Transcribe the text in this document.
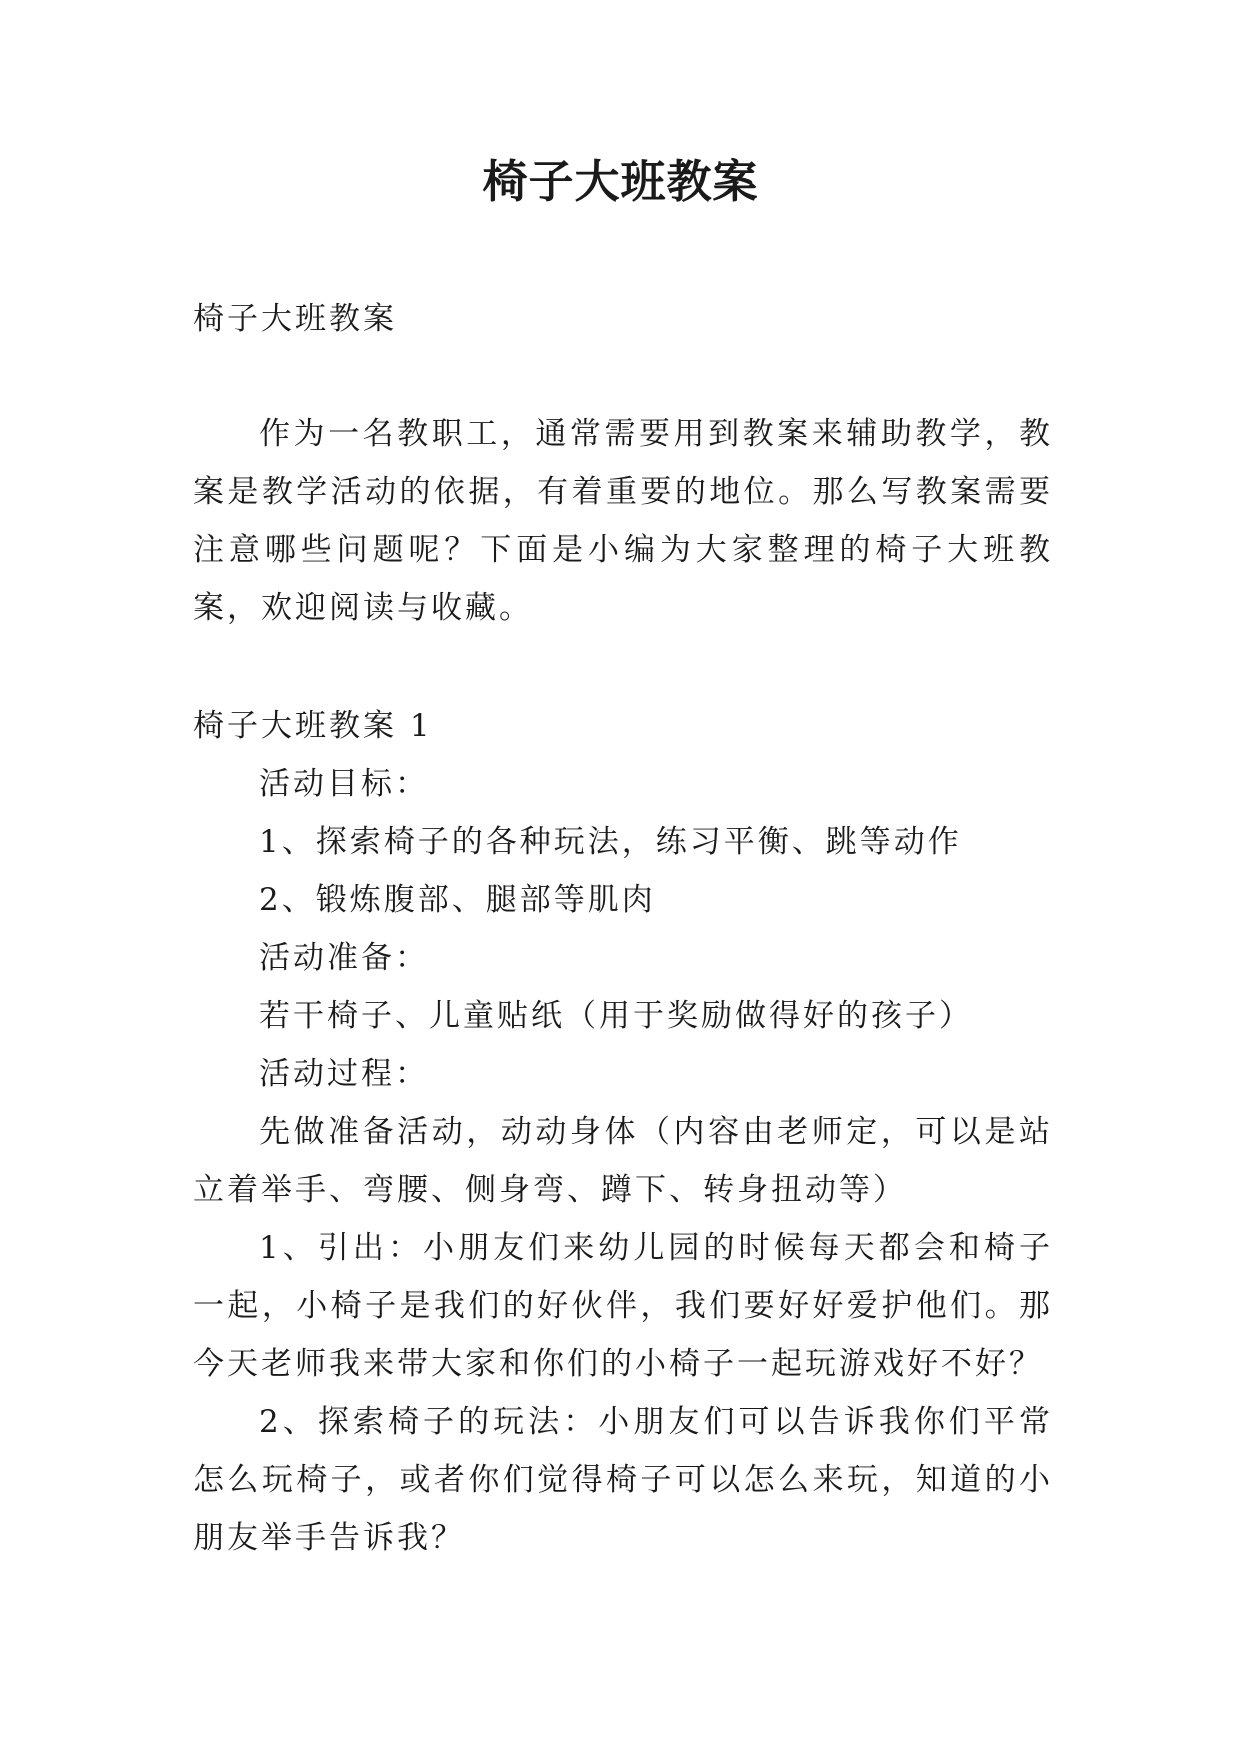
椅子大班教案

椅子大班教案

作为一名教职工，通常需要用到教案来辅助教学，教案是教学活动的依据，有着重要的地位。那么写教案需要注意哪些问题呢？下面是小编为大家整理的椅子大班教案，欢迎阅读与收藏。

椅子大班教案 1

活动目标：

1、探索椅子的各种玩法，练习平衡、跳等动作

2、锻炼腹部、腿部等肌肉

活动准备：

若干椅子、儿童贴纸（用于奖励做得好的孩子）

活动过程：

先做准备活动，动动身体（内容由老师定，可以是站立着举手、弯腰、侧身弯、蹲下、转身扭动等）

1、引出：小朋友们来幼儿园的时候每天都会和椅子一起，小椅子是我们的好伙伴，我们要好好爱护他们。那今天老师我来带大家和你们的小椅子一起玩游戏好不好？

2、探索椅子的玩法：小朋友们可以告诉我你们平常怎么玩椅子，或者你们觉得椅子可以怎么来玩，知道的小朋友举手告诉我？
